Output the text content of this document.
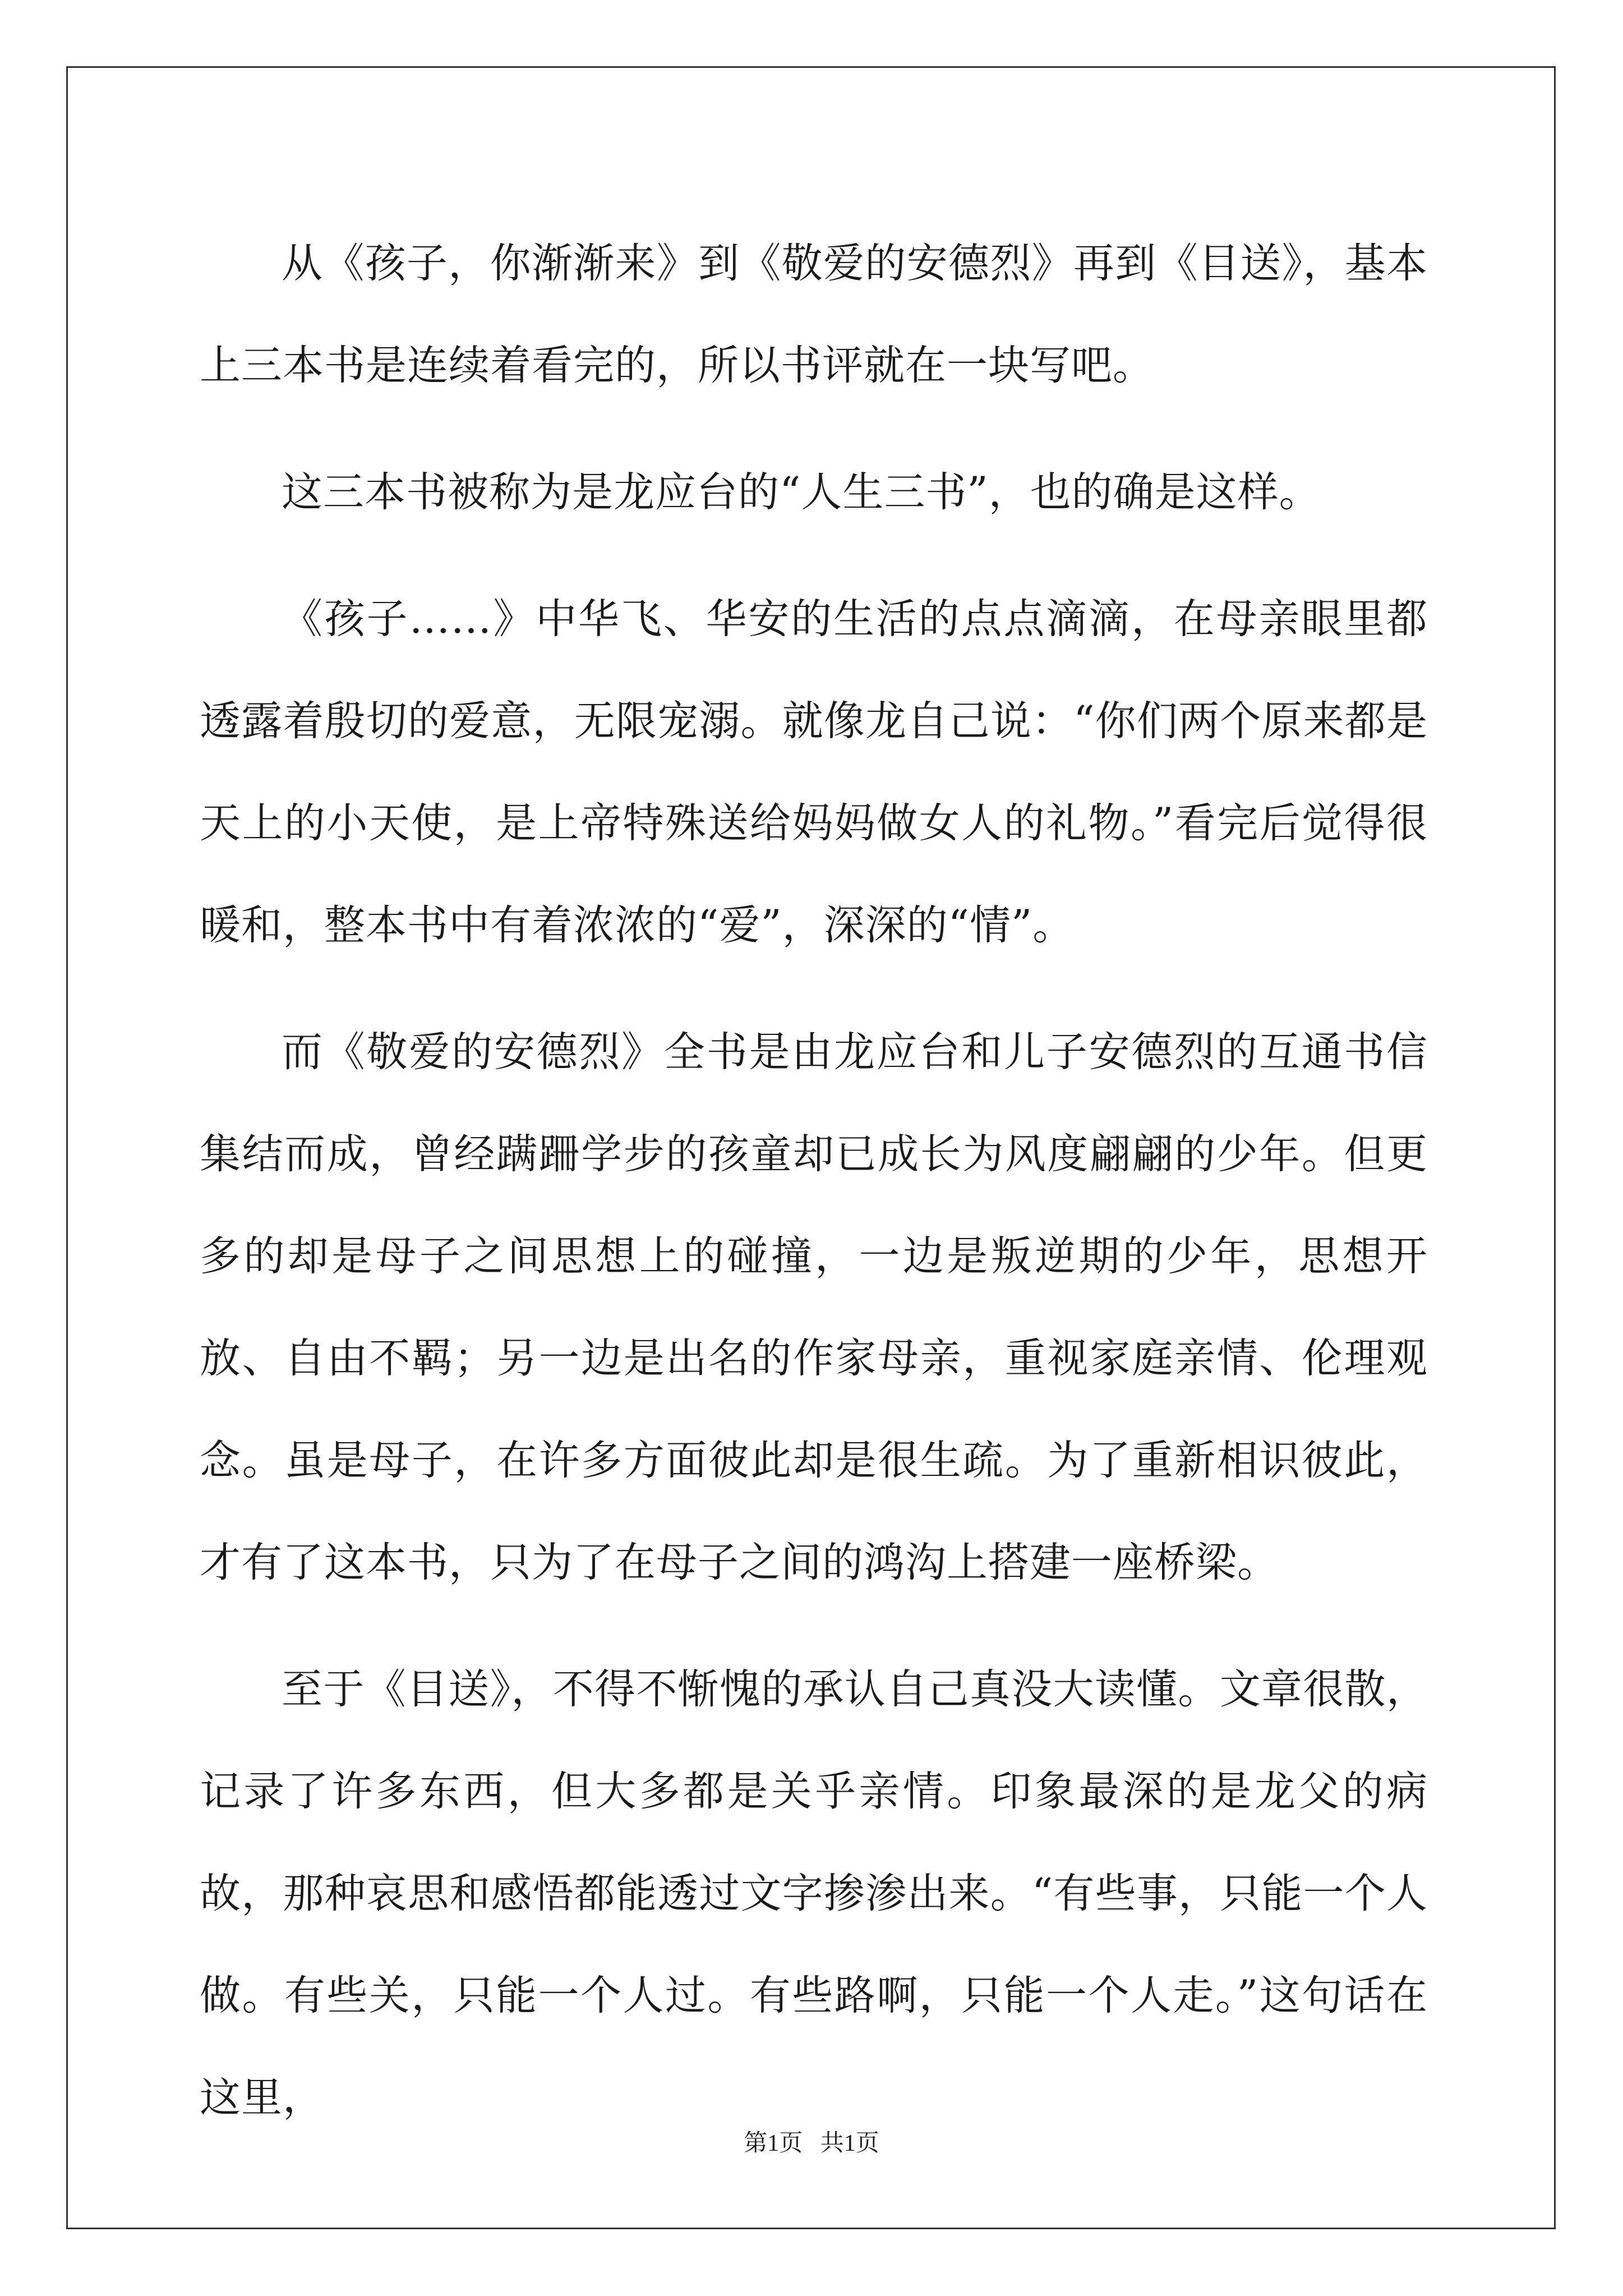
从《孩子，你渐渐来》到《敬爱的安德烈》再到《目送》，基本上三本书是连续着看完的，所以书评就在一块写吧。

这三本书被称为是龙应台的“人生三书”，也的确是这样。

《孩子……》中华飞、华安的生活的点点滴滴，在母亲眼里都透露着殷切的爱意，无限宠溺。就像龙自己说：“你们两个原来都是天上的小天使，是上帝特殊送给妈妈做女人的礼物。”看完后觉得很暖和，整本书中有着浓浓的“爱”，深深的“情”。

而《敬爱的安德烈》全书是由龙应台和儿子安德烈的互通书信集结而成，曾经蹒跚学步的孩童却已成长为风度翩翩的少年。但更多的却是母子之间思想上的碰撞，一边是叛逆期的少年，思想开放、自由不羁；另一边是出名的作家母亲，重视家庭亲情、伦理观念。虽是母子，在许多方面彼此却是很生疏。为了重新相识彼此，才有了这本书，只为了在母子之间的鸿沟上搭建一座桥梁。

至于《目送》，不得不惭愧的承认自己真没大读懂。文章很散，记录了许多东西，但大多都是关乎亲情。印象最深的是龙父的病故，那种哀思和感悟都能透过文字掺渗出来。“有些事，只能一个人做。有些关，只能一个人过。有些路啊，只能一个人走。”这句话在这里，

第1页   共1页
